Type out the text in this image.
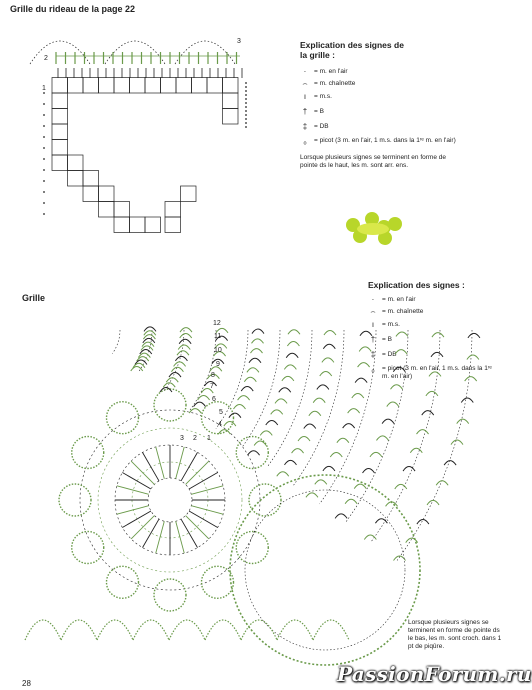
Grille du rideau de la page 22
Grille
Explication des signes de la grille :
·	= m. en l'air
⌢ = m. chaînette
ı	= m.s.
†	= B
‡	= DB
ₒ	= picot (3 m. en l'air, 1 m.s. dans la 1ʳᵉ m. en l'air)
Lorsque plusieurs signes se terminent en forme de pointe ds le haut, les m. sont arr. ens.
Explication des signes :
·	= m. en l'air
⌢ = m. chaînette
ı	= m.s.
†	= B
‡	= DB
ₒ	= picot (3 m. en l'air, 1 m.s. dans la 1ʳᵉ m. en l'air)
Lorsque plusieurs signes se terminent en forme de pointe ds le bas, les m. sont croch. dans 1 pt de piqûre.
28
1
2
3
12
11
10
9
8
7
6
5
4
3 2 1
PassionForum.ru
